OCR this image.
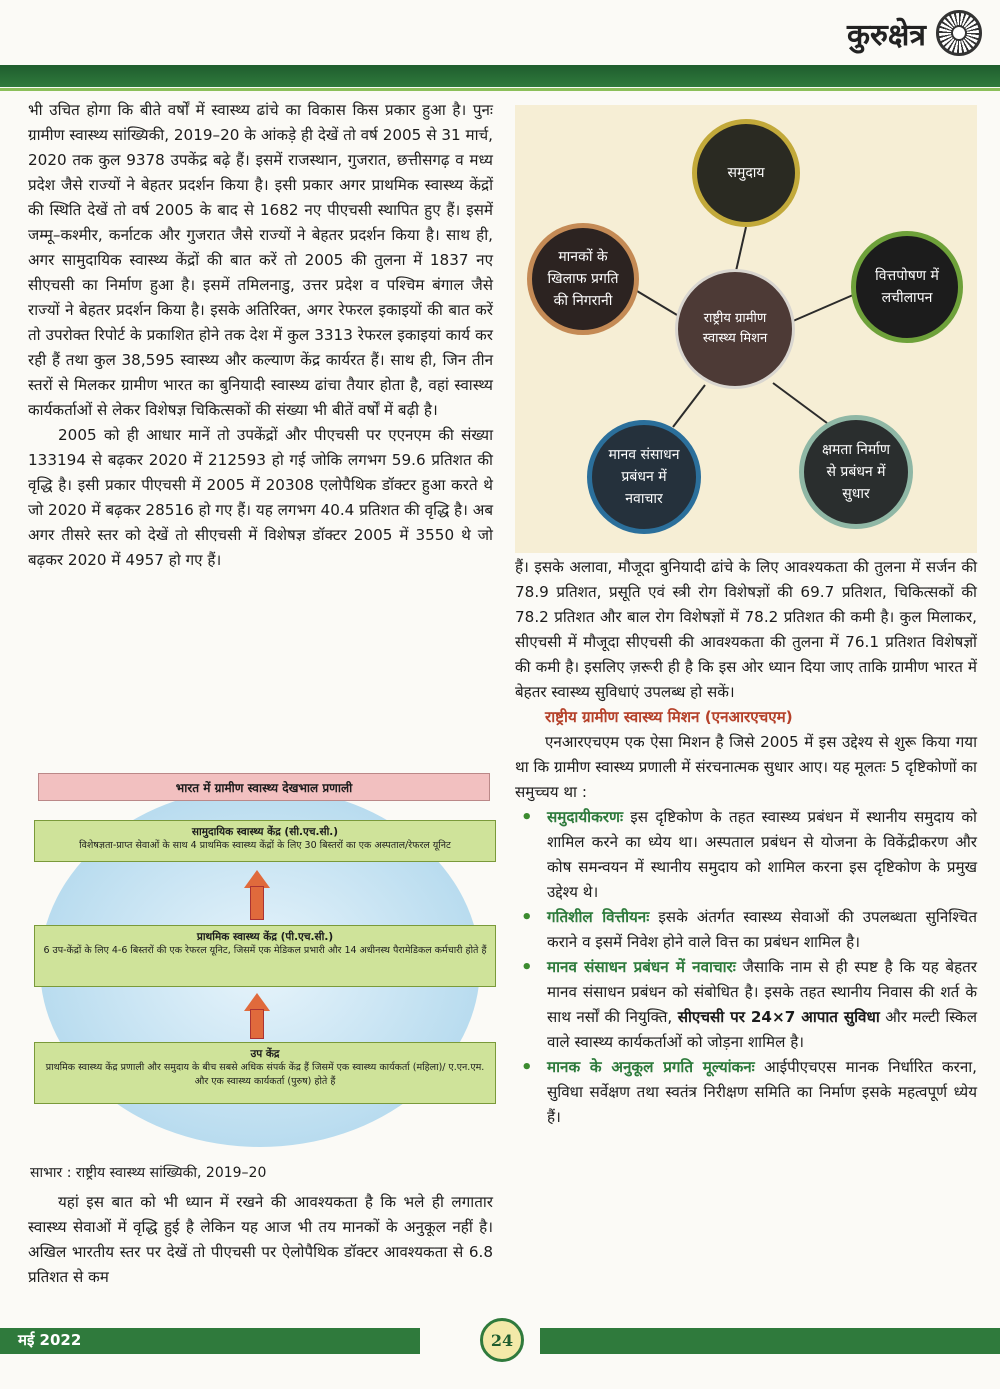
कुरुक्षेत्र

भी उचित होगा कि बीते वर्षों में स्वास्थ्य ढांचे का विकास किस प्रकार हुआ है। पुनः ग्रामीण स्वास्थ्य सांख्यिकी, 2019–20 के आंकड़े ही देखें तो वर्ष 2005 से 31 मार्च, 2020 तक कुल 9378 उपकेंद्र बढ़े हैं। इसमें राजस्थान, गुजरात, छत्तीसगढ़ व मध्य प्रदेश जैसे राज्यों ने बेहतर प्रदर्शन किया है। इसी प्रकार अगर प्राथमिक स्वास्थ्य केंद्रों की स्थिति देखें तो वर्ष 2005 के बाद से 1682 नए पीएचसी स्थापित हुए हैं। इसमें जम्मू–कश्मीर, कर्नाटक और गुजरात जैसे राज्यों ने बेहतर प्रदर्शन किया है। साथ ही, अगर सामुदायिक स्वास्थ्य केंद्रों की बात करें तो 2005 की तुलना में 1837 नए सीएचसी का निर्माण हुआ है। इसमें तमिलनाडु, उत्तर प्रदेश व पश्चिम बंगाल जैसे राज्यों ने बेहतर प्रदर्शन किया है। इसके अतिरिक्त, अगर रेफरल इकाइयों की बात करें तो उपरोक्त रिपोर्ट के प्रकाशित होने तक देश में कुल 3313 रेफरल इकाइयां कार्य कर रही हैं तथा कुल 38,595 स्वास्थ्य और कल्याण केंद्र कार्यरत हैं। साथ ही, जिन तीन स्तरों से मिलकर ग्रामीण भारत का बुनियादी स्वास्थ्य ढांचा तैयार होता है, वहां स्वास्थ्य कार्यकर्ताओं से लेकर विशेषज्ञ चिकित्सकों की संख्या भी बीतें वर्षों में बढ़ी है।

2005 को ही आधार मानें तो उपकेंद्रों और पीएचसी पर एएनएम की संख्या 133194 से बढ़कर 2020 में 212593 हो गई जोकि लगभग 59.6 प्रतिशत की वृद्धि है। इसी प्रकार पीएचसी में 2005 में 20308 एलोपैथिक डॉक्टर हुआ करते थे जो 2020 में बढ़कर 28516 हो गए हैं। यह लगभग 40.4 प्रतिशत की वृद्धि है। अब अगर तीसरे स्तर को देखें तो सीएचसी में विशेषज्ञ डॉक्टर 2005 में 3550 थे जो बढ़कर 2020 में 4957 हो गए हैं।

राष्ट्रीय ग्रामीण स्वास्थ्य मिशन
समुदाय
मानकों के खिलाफ प्रगति की निगरानी
वित्तपोषण में लचीलापन
मानव संसाधन प्रबंधन में नवाचार
क्षमता निर्माण से प्रबंधन में सुधार
भारत में ग्रामीण स्वास्थ्य देखभाल प्रणाली
सामुदायिक स्वास्थ्य केंद्र (सी.एच.सी.)
विशेषज्ञता-प्राप्त सेवाओं के साथ 4 प्राथमिक स्वास्थ्य केंद्रों के लिए 30 बिस्तरों का एक अस्पताल/रेफरल यूनिट
प्राथमिक स्वास्थ्य केंद्र (पी.एच.सी.)
6 उप-केंद्रों के लिए 4-6 बिस्तरों की एक रेफरल यूनिट, जिसमें एक मेडिकल प्रभारी और 14 अधीनस्थ पैरामेडिकल कर्मचारी होते हैं
उप केंद्र
प्राथमिक स्वास्थ्य केंद्र प्रणाली और समुदाय के बीच सबसे अधिक संपर्क केंद्र हैं जिसमें एक स्वास्थ्य कार्यकर्ता (महिला)/ ए.एन.एम. और एक स्वास्थ्य कार्यकर्ता (पुरुष) होते हैं
साभार : राष्ट्रीय स्वास्थ्य सांख्यिकी, 2019–20

यहां इस बात को भी ध्यान में रखने की आवश्यकता है कि भले ही लगातार स्वास्थ्य सेवाओं में वृद्धि हुई है लेकिन यह आज भी तय मानकों के अनुकूल नहीं है। अखिल भारतीय स्तर पर देखें तो पीएचसी पर ऐलोपैथिक डॉक्टर आवश्यकता से 6.8 प्रतिशत से कम

हैं। इसके अलावा, मौजूदा बुनियादी ढांचे के लिए आवश्यकता की तुलना में सर्जन की 78.9 प्रतिशत, प्रसूति एवं स्त्री रोग विशेषज्ञों की 69.7 प्रतिशत, चिकित्सकों की 78.2 प्रतिशत और बाल रोग विशेषज्ञों में 78.2 प्रतिशत की कमी है। कुल मिलाकर, सीएचसी में मौजूदा सीएचसी की आवश्यकता की तुलना में 76.1 प्रतिशत विशेषज्ञों की कमी है। इसलिए ज़रूरी ही है कि इस ओर ध्यान दिया जाए ताकि ग्रामीण भारत में बेहतर स्वास्थ्य सुविधाएं उपलब्ध हो सकें।

राष्ट्रीय ग्रामीण स्वास्थ्य मिशन (एनआरएचएम)

एनआरएचएम एक ऐसा मिशन है जिसे 2005 में इस उद्देश्य से शुरू किया गया था कि ग्रामीण स्वास्थ्य प्रणाली में संरचनात्मक सुधार आए। यह मूलतः 5 दृष्टिकोणों का समुच्चय था :

• समुदायीकरणः इस दृष्टिकोण के तहत स्वास्थ्य प्रबंधन में स्थानीय समुदाय को शामिल करने का ध्येय था। अस्पताल प्रबंधन से योजना के विकेंद्रीकरण और कोष समन्वयन में स्थानीय समुदाय को शामिल करना इस दृष्टिकोण के प्रमुख उद्देश्य थे।
• गतिशील वित्तीयनः इसके अंतर्गत स्वास्थ्य सेवाओं की उपलब्धता सुनिश्चित कराने व इसमें निवेश होने वाले वित्त का प्रबंधन शामिल है।
• मानव संसाधन प्रबंधन में नवाचारः जैसाकि नाम से ही स्पष्ट है कि यह बेहतर मानव संसाधन प्रबंधन को संबोधित है। इसके तहत स्थानीय निवास की शर्त के साथ नर्सों की नियुक्ति, सीएचसी पर 24×7 आपात सुविधा और मल्टी स्किल वाले स्वास्थ्य कार्यकर्ताओं को जोड़ना शामिल है।
• मानक के अनुकूल प्रगति मूल्यांकनः आईपीएचएस मानक निर्धारित करना, सुविधा सर्वेक्षण तथा स्वतंत्र निरीक्षण समिति का निर्माण इसके महत्वपूर्ण ध्येय हैं।
मई 2022	24
